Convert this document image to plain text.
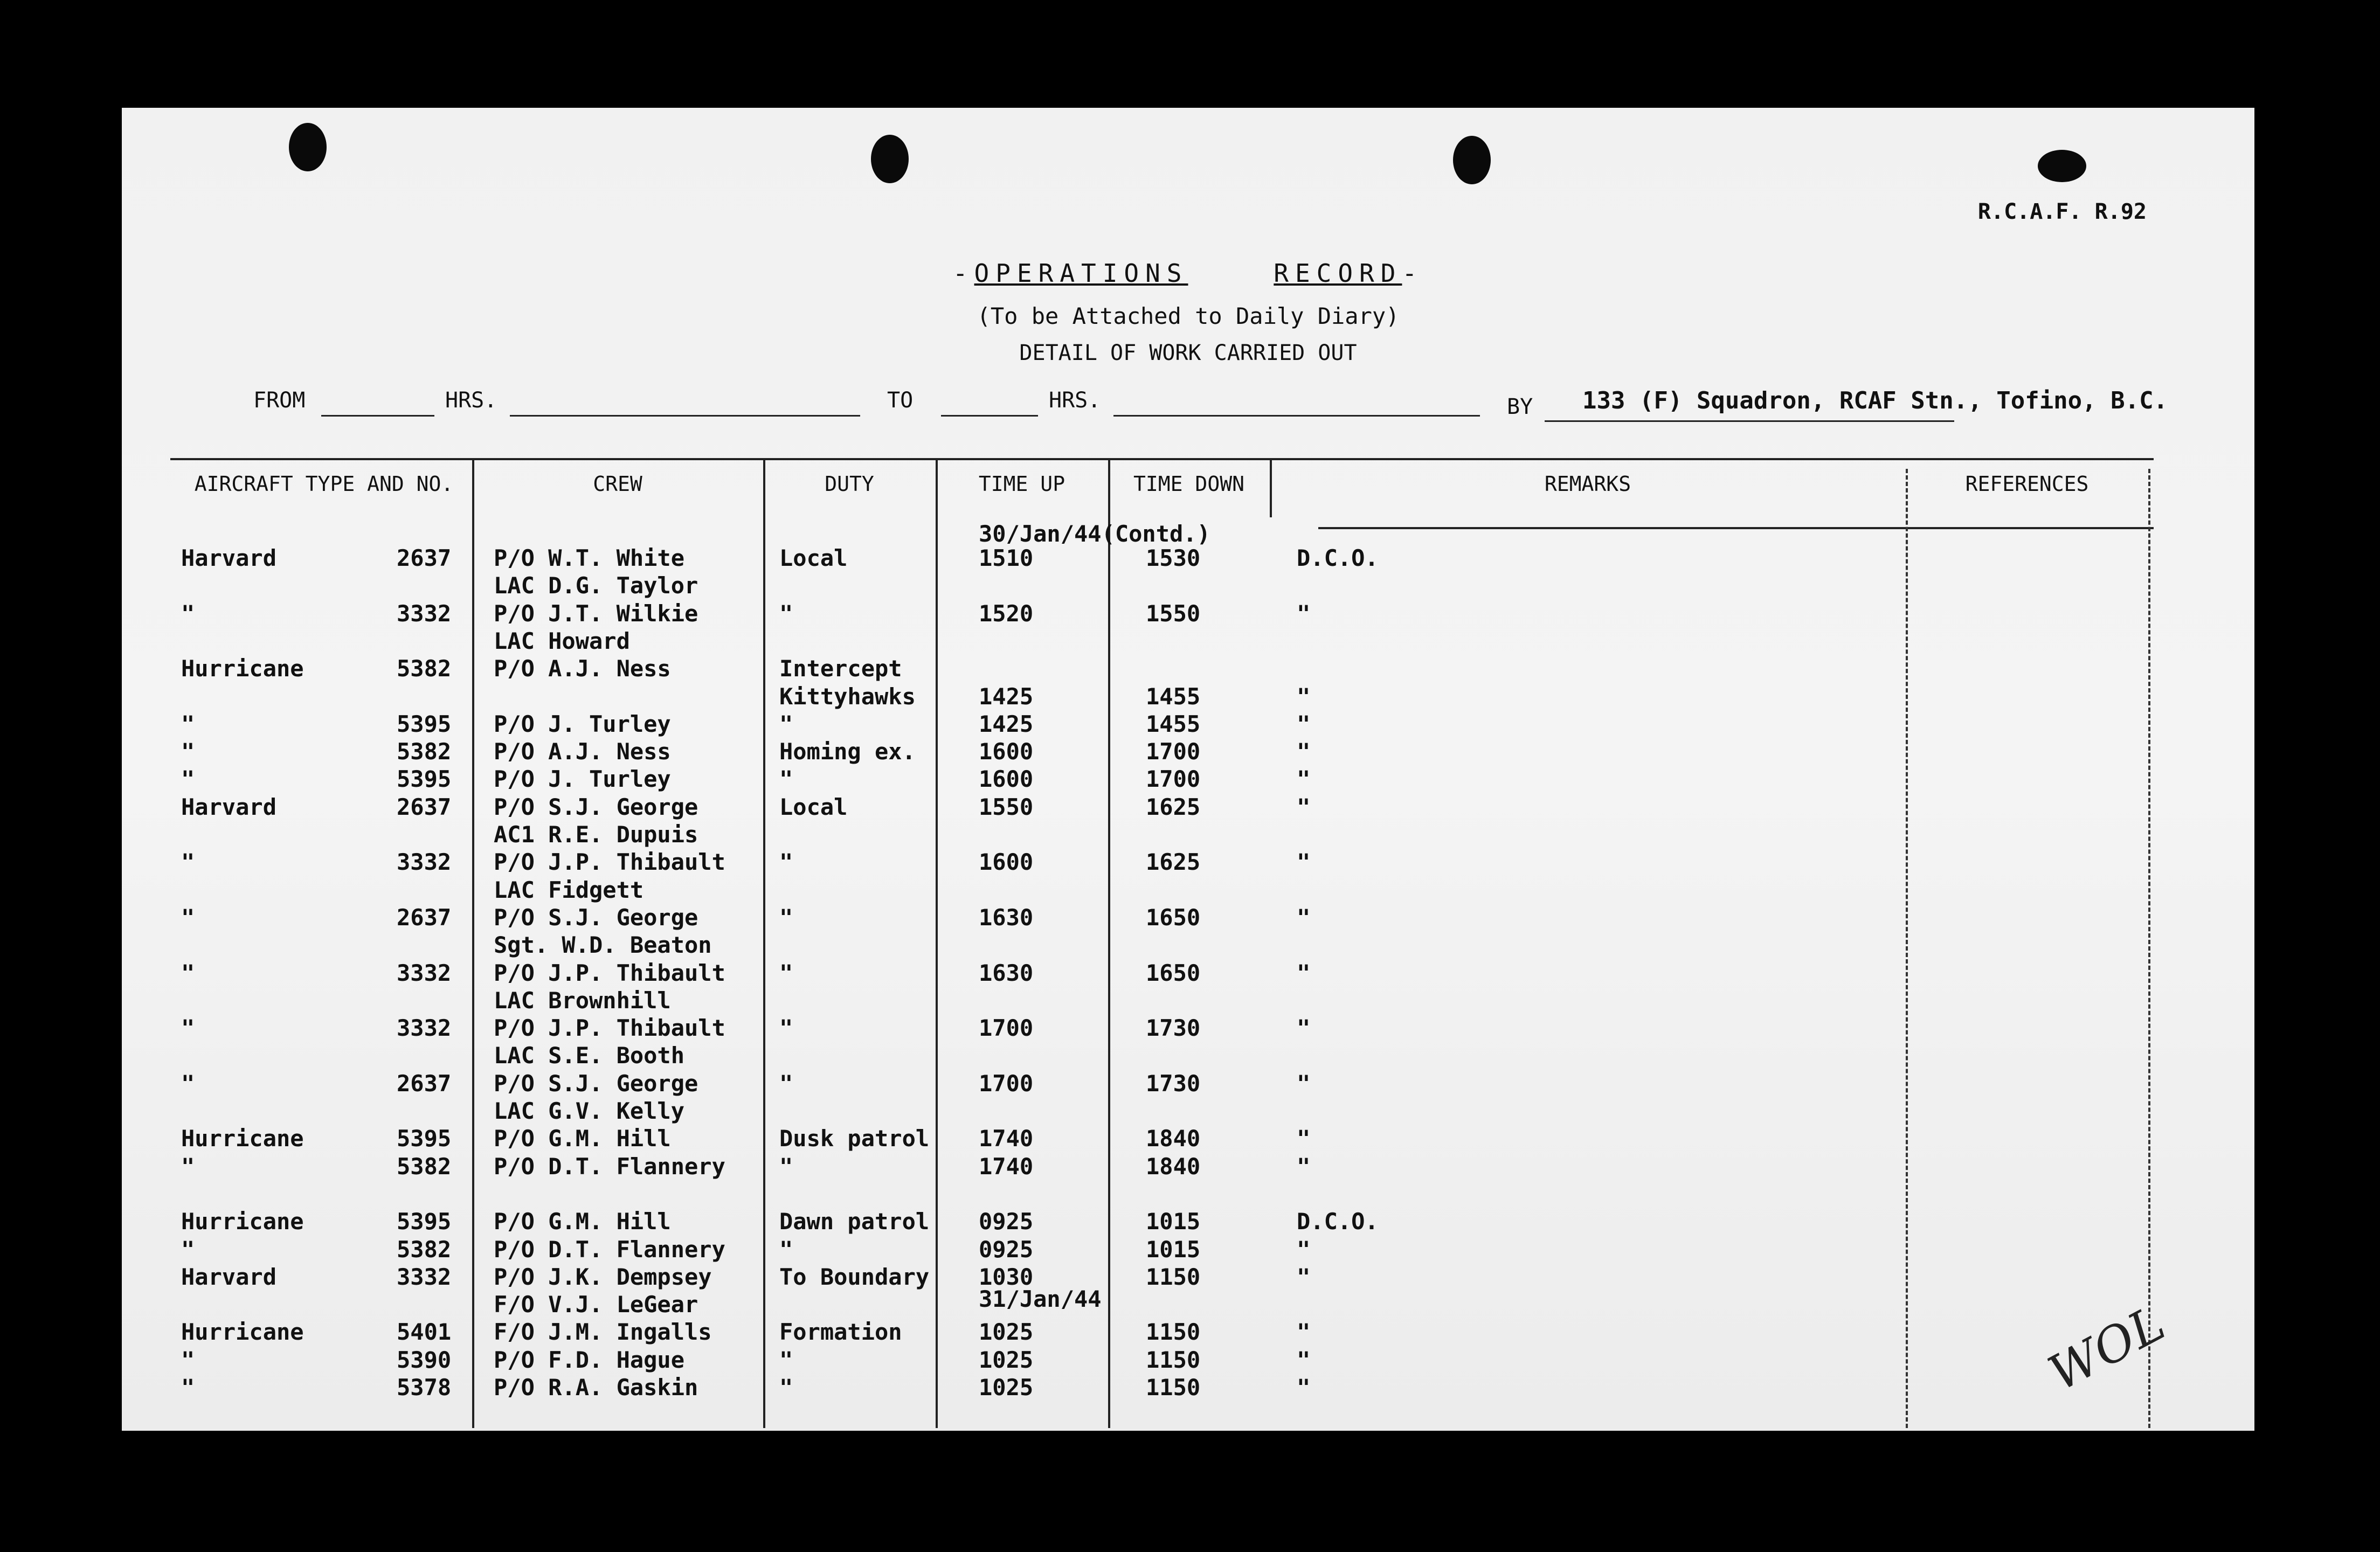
R.C.A.F. R.92
-OPERATIONS	RECORD-
(To be Attached to Daily Diary)
DETAIL OF WORK CARRIED OUT
FROM	HRS.	TO	HRS.	BY 133 (F) Squadron, RCAF Stn., Tofino, B.C.
AIRCRAFT TYPE AND NO.	CREW	DUTY	TIME UP	TIME DOWN	REMARKS	REFERENCES
30/Jan/44(Contd.)
31/Jan/44
Harvard	2637 P/O W.T. White	Local	1510	1530	D.C.O.
LAC D.G. Taylor
"	3332 P/O J.T. Wilkie	"	1520	1550	"
LAC Howard
Hurricane	5382 P/O A.J. Ness	Intercept
Kittyhawks	1425	1455	"
"	5395 P/O J. Turley	"	1425	1455	"
"	5382 P/O A.J. Ness	Homing ex.	1600	1700	"
"	5395 P/O J. Turley	"	1600	1700	"
Harvard	2637 P/O S.J. George	Local	1550	1625	"
AC1 R.E. Dupuis
"	3332 P/O J.P. Thibault "	1600	1625	"
LAC Fidgett
"	2637 P/O S.J. George	"	1630	1650	"
Sgt. W.D. Beaton
"	3332 P/O J.P. Thibault "	1630	1650	"
LAC Brownhill
"	3332 P/O J.P. Thibault "	1700	1730	"
LAC S.E. Booth
"	2637 P/O S.J. George	"	1700	1730	"
LAC G.V. Kelly
Hurricane	5395 P/O G.M. Hill	Dusk patrol 1740	1840	"
"	5382 P/O D.T. Flannery "	1740	1840	"
Hurricane	5395 P/O G.M. Hill	Dawn patrol 0925	1015	D.C.O.
"	5382 P/O D.T. Flannery "	0925	1015	"
Harvard	3332 P/O J.K. Dempsey	To Boundary 1030	1150	"
F/O V.J. LeGear
Hurricane	5401 F/O J.M. Ingalls	Formation	1025	1150	"
"	5390 P/O F.D. Hague	"	1025	1150	"
"	5378 P/O R.A. Gaskin	"	1025	1150	"	WOL
